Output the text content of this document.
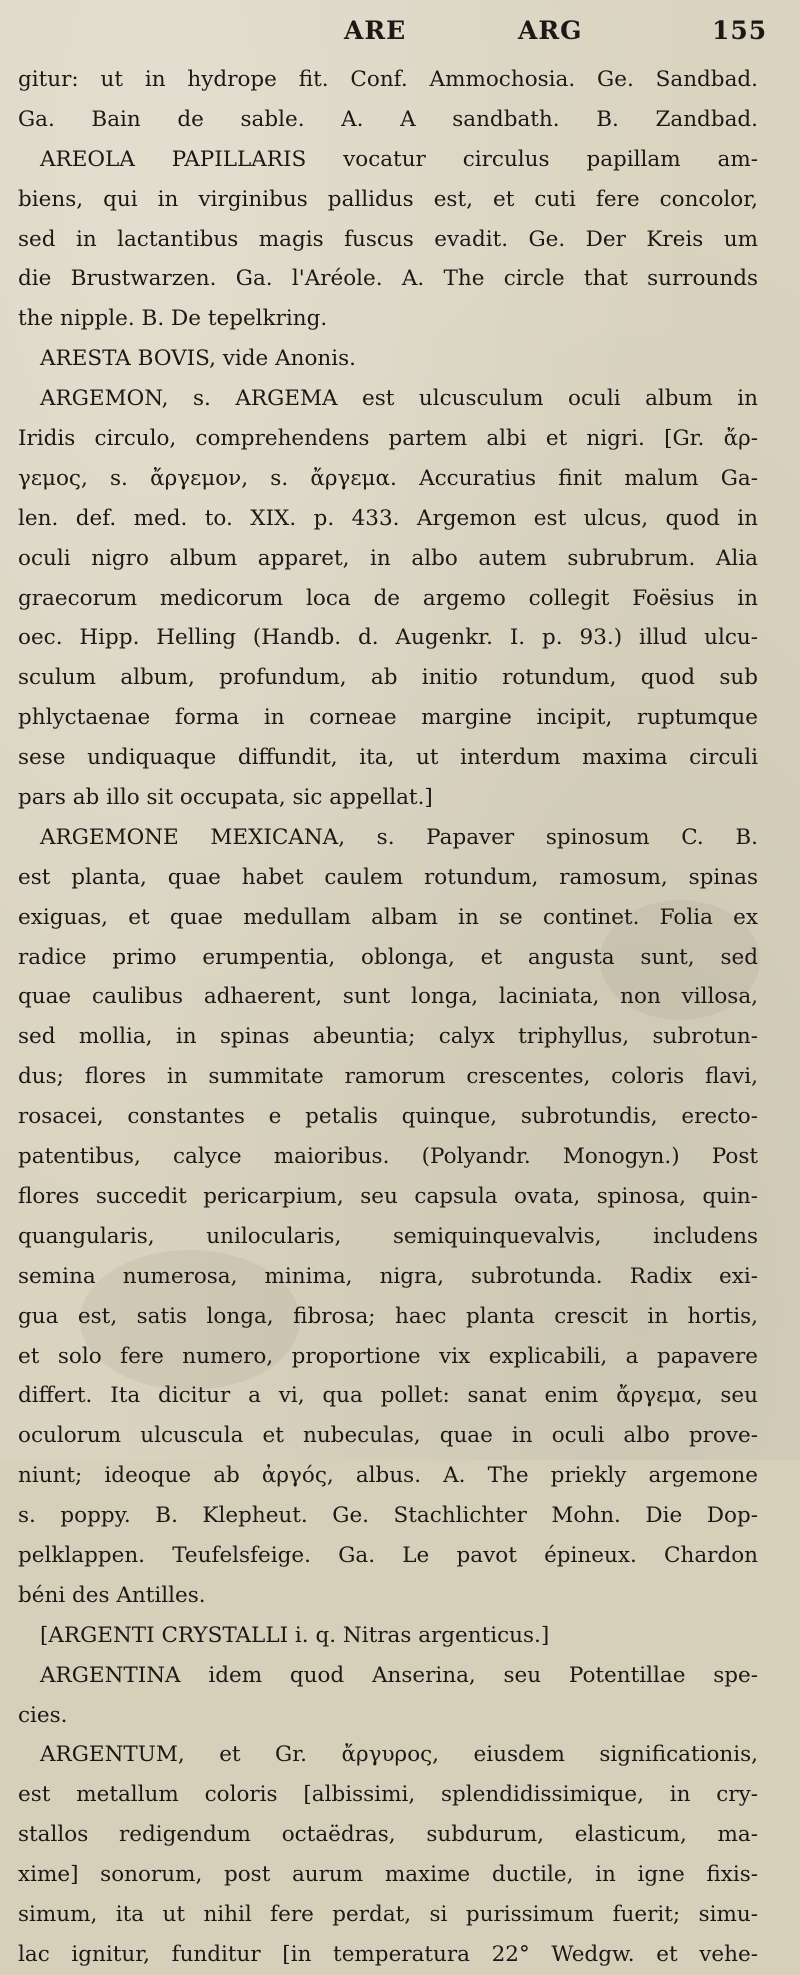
ARE	ARG	155
gitur: ut in hydrope fit. Conf. Ammochosia. Ge. Sandbad.
Ga. Bain de sable. A. A sandbath. B. Zandbad.
AREOLA PAPILLARIS vocatur circulus papillam am-
biens, qui in virginibus pallidus est, et cuti fere concolor,
sed in lactantibus magis fuscus evadit. Ge. Der Kreis um
die Brustwarzen. Ga. l'Aréole. A. The circle that surrounds
the nipple. B. De tepelkring.
ARESTA BOVIS, vide Anonis.
ARGEMON, s. ARGEMA est ulcusculum oculi album in
Iridis circulo, comprehendens partem albi et nigri. [Gr. ἄρ-
γεμος, s. ἄργεμον, s. ἄργεμα. Accuratius finit malum Ga-
len. def. med. to. XIX. p. 433. Argemon est ulcus, quod in
oculi nigro album apparet, in albo autem subrubrum. Alia
graecorum medicorum loca de argemo collegit Foësius in
oec. Hipp. Helling (Handb. d. Augenkr. I. p. 93.) illud ulcu-
sculum album, profundum, ab initio rotundum, quod sub
phlyctaenae forma in corneae margine incipit, ruptumque
sese undiquaque diffundit, ita, ut interdum maxima circuli
pars ab illo sit occupata, sic appellat.]
ARGEMONE MEXICANA, s. Papaver spinosum C. B.
est planta, quae habet caulem rotundum, ramosum, spinas
exiguas, et quae medullam albam in se continet. Folia ex
radice primo erumpentia, oblonga, et angusta sunt, sed
quae caulibus adhaerent, sunt longa, laciniata, non villosa,
sed mollia, in spinas abeuntia; calyx triphyllus, subrotun-
dus; flores in summitate ramorum crescentes, coloris flavi,
rosacei, constantes e petalis quinque, subrotundis, erecto-
patentibus, calyce maioribus. (Polyandr. Monogyn.) Post
flores succedit pericarpium, seu capsula ovata, spinosa, quin-
quangularis, unilocularis, semiquinquevalvis, includens
semina numerosa, minima, nigra, subrotunda. Radix exi-
gua est, satis longa, fibrosa; haec planta crescit in hortis,
et solo fere numero, proportione vix explicabili, a papavere
differt. Ita dicitur a vi, qua pollet: sanat enim ἄργεμα, seu
oculorum ulcuscula et nubeculas, quae in oculi albo prove-
niunt; ideoque ab ἀργός, albus. A. The priekly argemone
s. poppy. B. Klepheut. Ge. Stachlichter Mohn. Die Dop-
pelklappen. Teufelsfeige. Ga. Le pavot épineux. Chardon
béni des Antilles.
[ARGENTI CRYSTALLI i. q. Nitras argenticus.]
ARGENTINA idem quod Anserina, seu Potentillae spe-
cies.
ARGENTUM, et Gr. ἄργυρος, eiusdem significationis,
est metallum coloris [albissimi, splendidissimique, in cry-
stallos redigendum octaëdras, subdurum, elasticum, ma-
xime] sonorum, post aurum maxime ductile, in igne fixis-
simum, ita ut nihil fere perdat, si purissimum fuerit; simu-
lac ignitur, funditur [in temperatura 22° Wedgw. et vehe-
